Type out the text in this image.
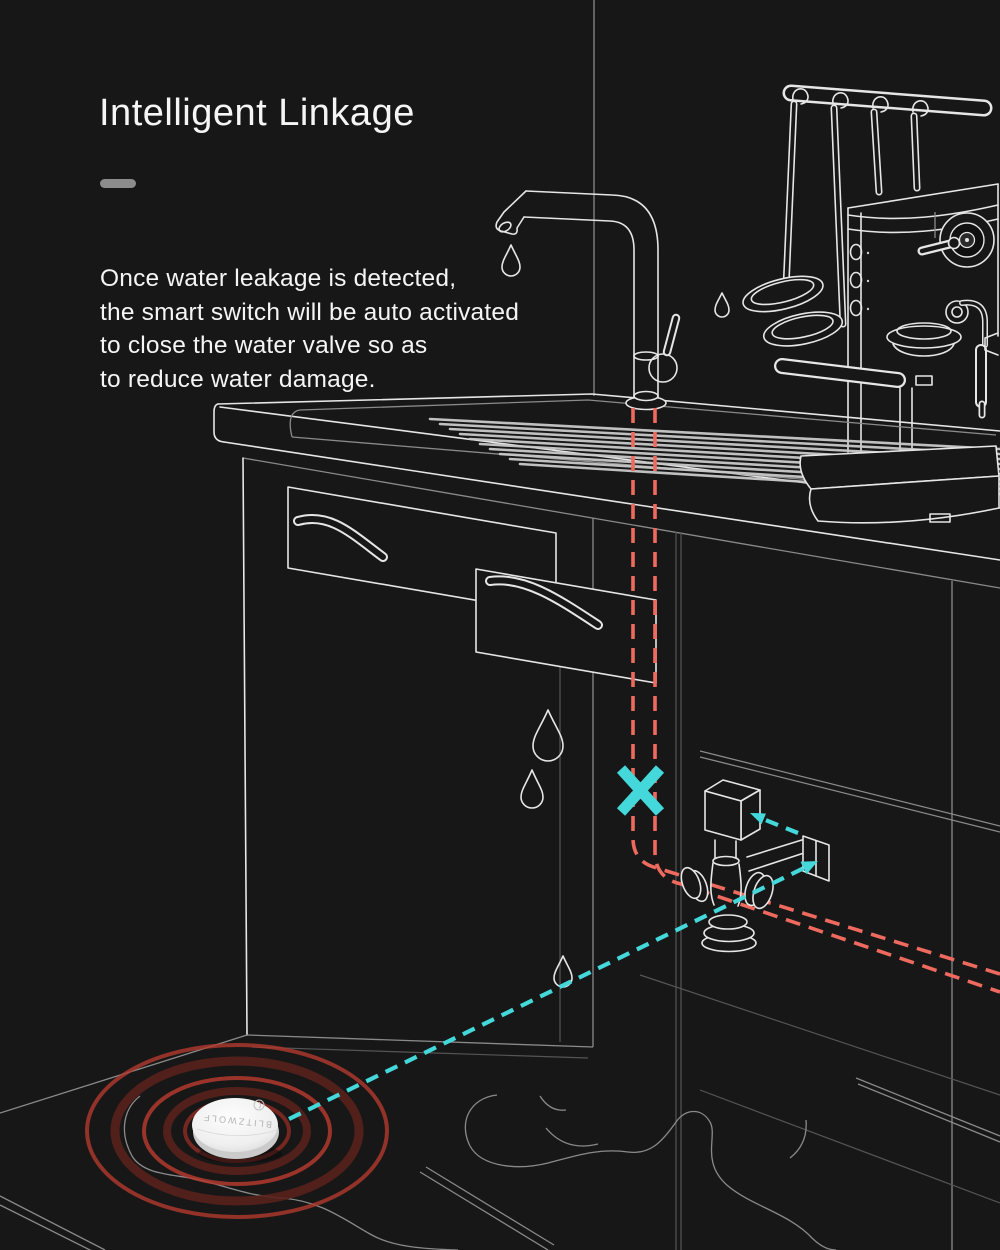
Intelligent Linkage
Once water leakage is detected,
the smart switch will be auto activated
to close the water valve so as
to reduce water damage.
BLITZWOLF
